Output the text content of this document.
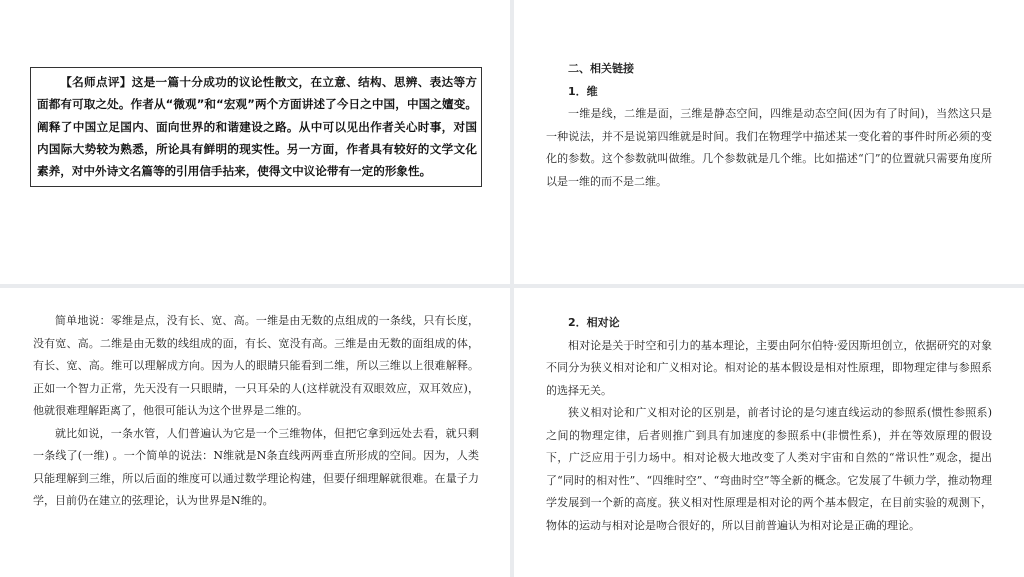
【名师点评】这是一篇十分成功的议论性散文，在立意、结构、思辨、表达等方面都有可取之处。作者从“微观”和“宏观”两个方面讲述了今日之中国，中国之嬗变。阐释了中国立足国内、面向世界的和谐建设之路。从中可以见出作者关心时事，对国内国际大势较为熟悉，所论具有鲜明的现实性。另一方面，作者具有较好的文学文化素养，对中外诗文名篇等的引用信手拈来，使得文中议论带有一定的形象性。

二、相关链接
1．维

一维是线，二维是面，三维是静态空间，四维是动态空间(因为有了时间)，当然这只是一种说法，并不是说第四维就是时间。我们在物理学中描述某一变化着的事件时所必须的变化的参数。这个参数就叫做维。几个参数就是几个维。比如描述“门”的位置就只需要角度所以是一维的而不是二维。

简单地说：零维是点，没有长、宽、高。一维是由无数的点组成的一条线，只有长度，没有宽、高。二维是由无数的线组成的面，有长、宽没有高。三维是由无数的面组成的体，有长、宽、高。维可以理解成方向。因为人的眼睛只能看到二维，所以三维以上很难解释。正如一个智力正常，先天没有一只眼睛，一只耳朵的人(这样就没有双眼效应，双耳效应)，他就很难理解距离了，他很可能认为这个世界是二维的。

就比如说，一条水管，人们普遍认为它是一个三维物体，但把它拿到远处去看，就只剩一条线了(一维) 。一个简单的说法：N维就是N条直线两两垂直所形成的空间。因为，人类只能理解到三维，所以后面的维度可以通过数学理论构建，但要仔细理解就很难。在量子力学，目前仍在建立的弦理论，认为世界是N维的。

2．相对论

相对论是关于时空和引力的基本理论，主要由阿尔伯特·爱因斯坦创立，依据研究的对象不同分为狭义相对论和广义相对论。相对论的基本假设是相对性原理，即物理定律与参照系的选择无关。

狭义相对论和广义相对论的区别是，前者讨论的是匀速直线运动的参照系(惯性参照系)之间的物理定律，后者则推广到具有加速度的参照系中(非惯性系)，并在等效原理的假设下，广泛应用于引力场中。相对论极大地改变了人类对宇宙和自然的“常识性”观念，提出了“同时的相对性”、“四维时空”、“弯曲时空”等全新的概念。它发展了牛顿力学，推动物理学发展到一个新的高度。狭义相对性原理是相对论的两个基本假定，在目前实验的观测下，物体的运动与相对论是吻合很好的，所以目前普遍认为相对论是正确的理论。
